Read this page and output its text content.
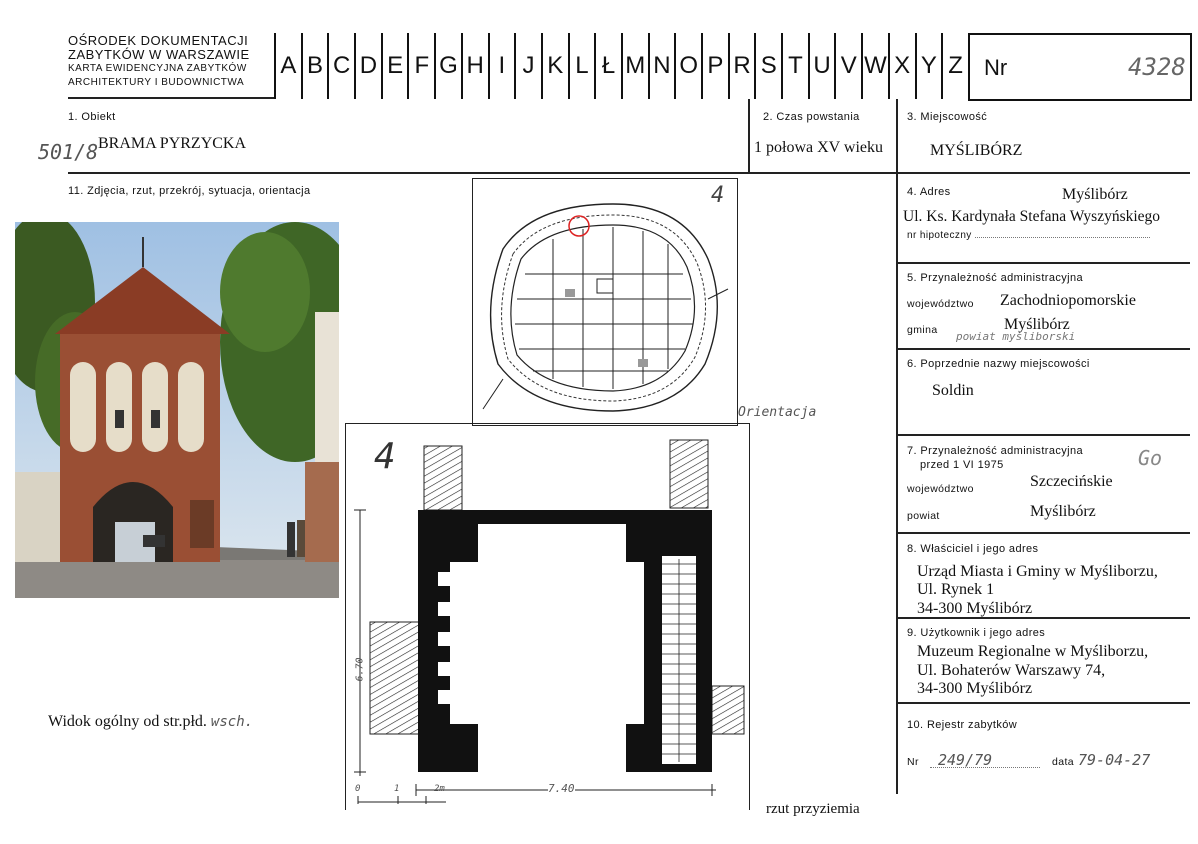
OŚRODEK DOKUMENTACJI
ZABYTKÓW W WARSZAWIE
KARTA EWIDENCYJNA ZABYTKÓW
ARCHITEKTURY I BUDOWNICTWA
A B C D E F G H I J K L Ł M N O P R S T U V W X Y Z Nr	4328
1. Obiekt
501/8 BRAMA PYRZYCKA
2. Czas powstania
1 połowa XV wieku
3. Miejscowość
MYŚLIBÓRZ
11. Zdjęcia, rzut, przekrój, sytuacja, orientacja
Widok ogólny od str.płd. wsch.
4
Orientacja
4
6.70
7.40
0	1	2m
rzut przyziemia
4. Adres	Myślibórz
Ul. Ks. Kardynała Stefana Wyszyńskiego
nr hipoteczny
5. Przynależność administracyjna
województwo Zachodniopomorskie
gmina	Myślibórz
powiat myśliborski
6. Poprzednie nazwy miejscowości
Soldin
7. Przynależność administracyjna
przed 1 VI 1975	Go
województwo	Szczecińskie
powiat	Myślibórz
8. Właściciel i jego adres
Urząd Miasta i Gminy w Myśliborzu,
Ul. Rynek 1
34-300 Myślibórz
9. Użytkownik i jego adres
Muzeum Regionalne w Myśliborzu,
Ul. Bohaterów Warszawy 74,
34-300 Myślibórz
10. Rejestr zabytków
Nr	249/79	data 79-04-27
